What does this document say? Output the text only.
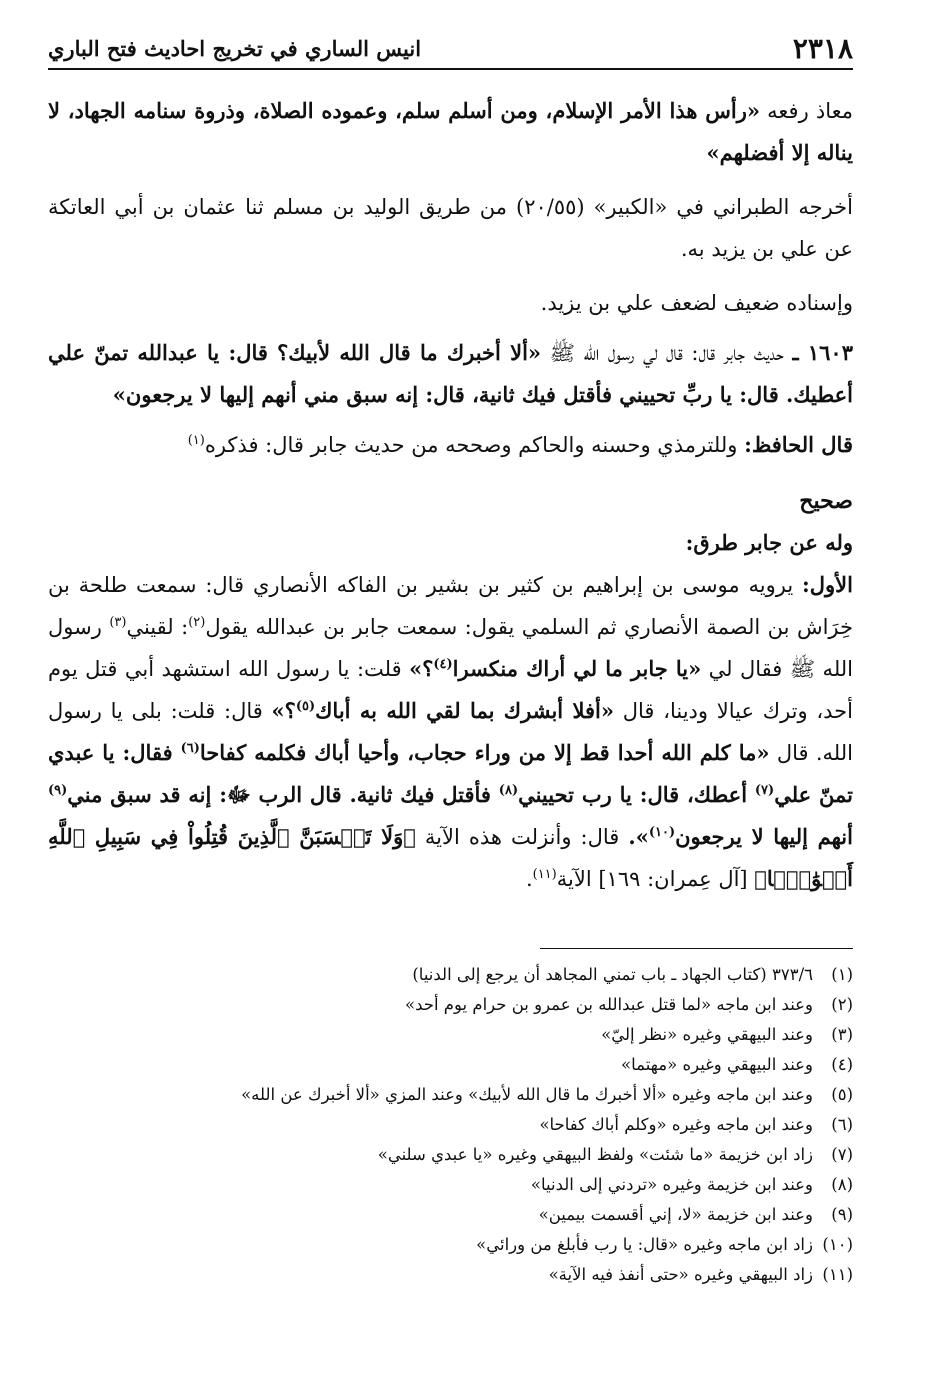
٢٣١٨
انيس الساري في تخريج احاديث فتح الباري

معاذ رفعه «رأس هذا الأمر الإسلام، ومن أسلم سلم، وعموده الصلاة، وذروة سنامه الجهاد، لا يناله إلا أفضلهم»

أخرجه الطبراني في «الكبير» (٢٠/٥٥) من طريق الوليد بن مسلم ثنا عثمان بن أبي العاتكة عن علي بن يزيد به.

وإسناده ضعيف لضعف علي بن يزيد.

١٦٠٣ ـ حديث جابر قال: قال لي رسول الله ﷺ «ألا أخبرك ما قال الله لأبيك؟ قال: يا عبدالله تمنّ علي أعطيك. قال: يا ربِّ تحييني فأقتل فيك ثانية، قال: إنه سبق مني أنهم إليها لا يرجعون»

قال الحافظ: وللترمذي وحسنه والحاكم وصححه من حديث جابر قال: فذكره$^{(١)}$

صحيح

وله عن جابر طرق:

الأول: يرويه موسى بن إبراهيم بن كثير بن بشير بن الفاكه الأنصاري قال: سمعت طلحة بن خِرَاش بن الصمة الأنصاري ثم السلمي يقول: سمعت جابر بن عبدالله يقول$^{(٢)}$: لقيني$^{(٣)}$ رسول الله ﷺ فقال لي «يا جابر ما لي أراك منكسرا$^{(٤)}$؟» قلت: يا رسول الله استشهد أبي قتل يوم أحد، وترك عيالا ودينا، قال «أفلا أبشرك بما لقي الله به أباك$^{(٥)}$؟» قال: قلت: بلى يا رسول الله. قال «ما كلم الله أحدا قط إلا من وراء حجاب، وأحيا أباك فكلمه كفاحا$^{(٦)}$ فقال: يا عبدي تمنّ علي$^{(٧)}$ أعطك، قال: يا رب تحييني$^{(٨)}$ فأقتل فيك ثانية. قال الرب ﷻ: إنه قد سبق مني$^{(٩)}$ أنهم إليها لا يرجعون$^{(١٠)}$». قال: وأنزلت هذه الآية ﴿وَلَا تَحۡسَبَنَّ ٱلَّذِينَ قُتِلُواْ فِي سَبِيلِ ٱللَّهِ أَمۡوَٰتَۢا﴾ [آل عِمران: ١٦٩] الآية$^{(١١)}$.

(١)
٣٧٣/٦ (كتاب الجهاد ـ باب تمني المجاهد أن يرجع إلى الدنيا)
(٢)
وعند ابن ماجه «لما قتل عبدالله بن عمرو بن حرام يوم أحد»
(٣)
وعند البيهقي وغيره «نظر إليّ»
(٤)
وعند البيهقي وغيره «مهتما»
(٥)
وعند ابن ماجه وغيره «ألا أخبرك ما قال الله لأبيك» وعند المزي «ألا أخبرك عن الله»
(٦)
وعند ابن ماجه وغيره «وكلم أباك كفاحا»
(٧)
زاد ابن خزيمة «ما شئت» ولفظ البيهقي وغيره «يا عبدي سلني»
(٨)
وعند ابن خزيمة وغيره «تردني إلى الدنيا»
(٩)
وعند ابن خزيمة «لا، إني أقسمت بيمين»
(١٠)
زاد ابن ماجه وغيره «قال: يا رب فأبلغ من ورائي»
(١١)
زاد البيهقي وغيره «حتى أنفذ فيه الآية»
